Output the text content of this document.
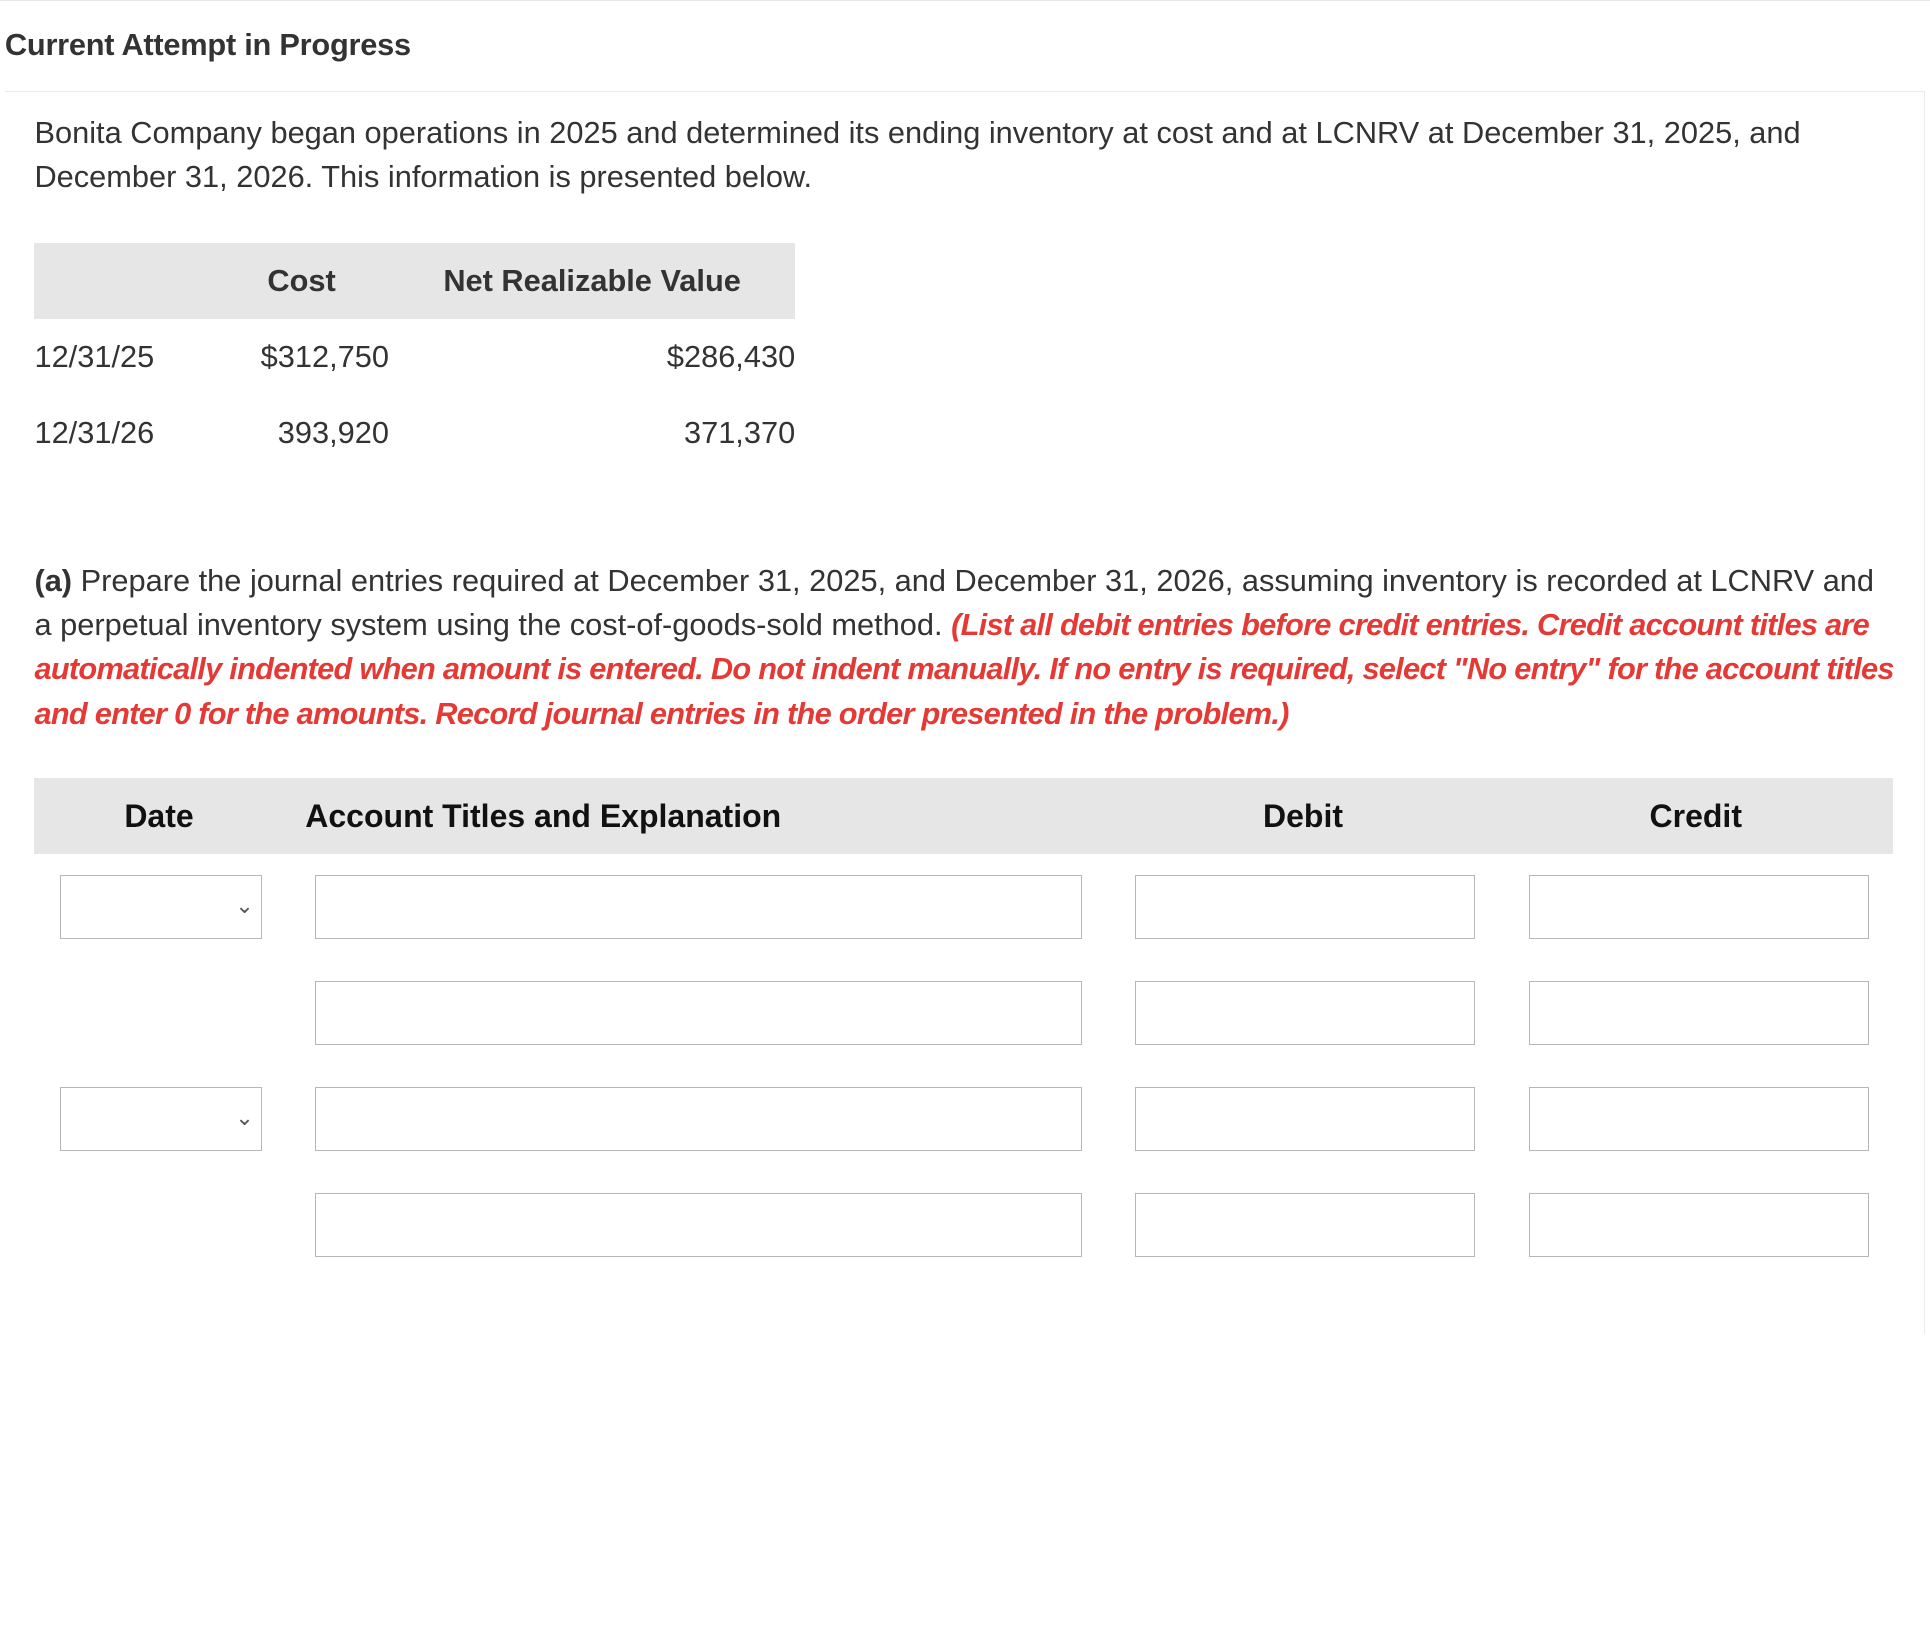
Current Attempt in Progress
Bonita Company began operations in 2025 and determined its ending inventory at cost and at LCNRV at December 31, 2025, and December 31, 2026. This information is presented below.
	Cost	Net Realizable Value
12/31/25	$312,750	$286,430
12/31/26	393,920	371,370
(a) Prepare the journal entries required at December 31, 2025, and December 31, 2026, assuming inventory is recorded at LCNRV and a perpetual inventory system using the cost-of-goods-sold method. (List all debit entries before credit entries. Credit account titles are automatically indented when amount is entered. Do not indent manually. If no entry is required, select "No entry" for the account titles and enter 0 for the amounts. Record journal entries in the order presented in the problem.)
Date	Account Titles and Explanation	Debit	Credit
⌄
⌄
